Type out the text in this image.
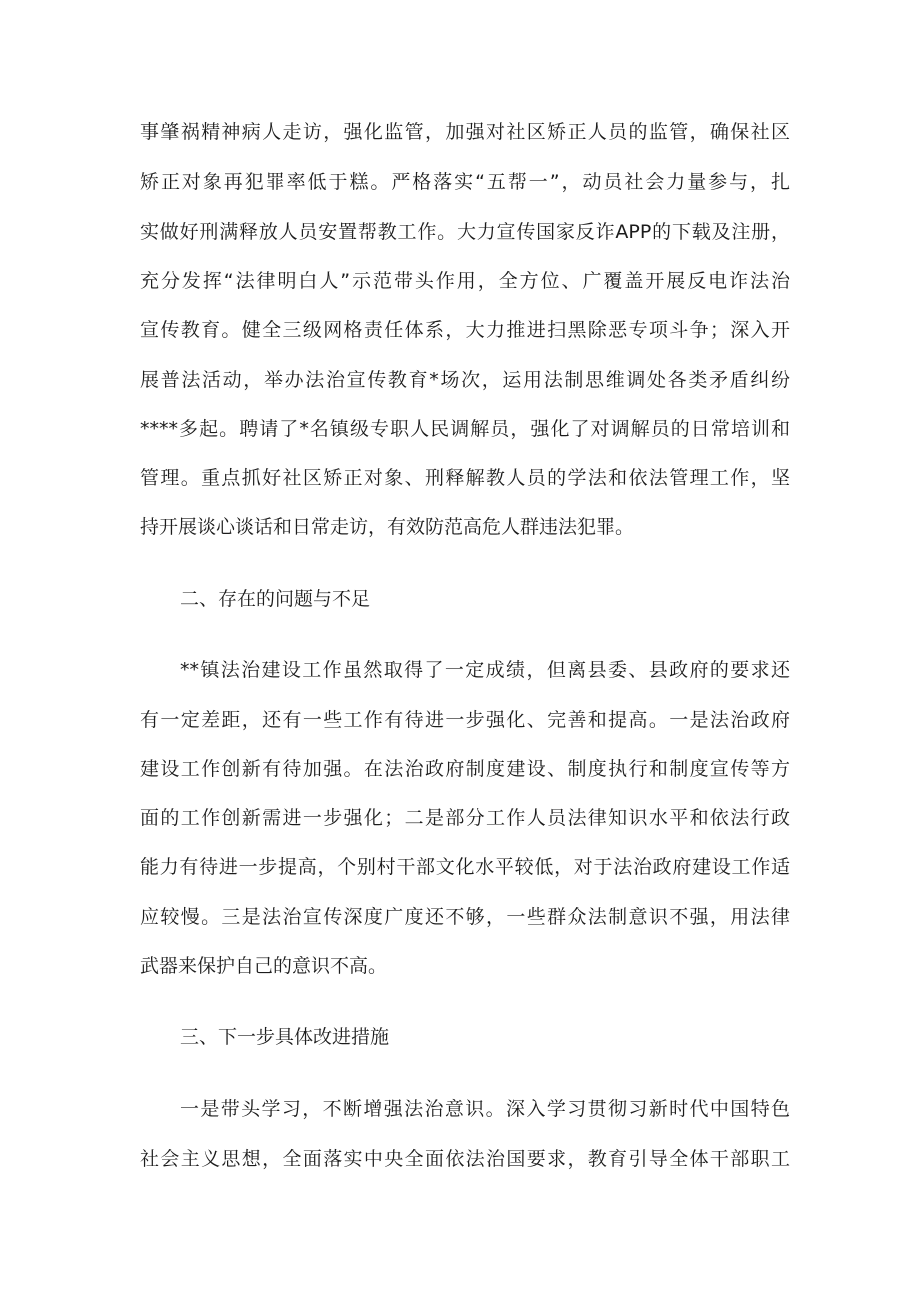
事肇祸精神病人走访，强化监管，加强对社区矫正人员的监管，确保社区
矫正对象再犯罪率低于糕。严格落实“五帮一”，动员社会力量参与，扎
实做好刑满释放人员安置帮教工作。大力宣传国家反诈APP的下载及注册，
充分发挥“法律明白人”示范带头作用，全方位、广覆盖开展反电诈法治
宣传教育。健全三级网格责任体系，大力推进扫黑除恶专项斗争；深入开
展普法活动，举办法治宣传教育*场次，运用法制思维调处各类矛盾纠纷
****多起。聘请了*名镇级专职人民调解员，强化了对调解员的日常培训和
管理。重点抓好社区矫正对象、刑释解教人员的学法和依法管理工作，坚
持开展谈心谈话和日常走访，有效防范高危人群违法犯罪。
二、存在的问题与不足
**镇法治建设工作虽然取得了一定成绩，但离县委、县政府的要求还
有一定差距，还有一些工作有待进一步强化、完善和提高。一是法治政府
建设工作创新有待加强。在法治政府制度建设、制度执行和制度宣传等方
面的工作创新需进一步强化；二是部分工作人员法律知识水平和依法行政
能力有待进一步提高，个别村干部文化水平较低，对于法治政府建设工作适
应较慢。三是法治宣传深度广度还不够，一些群众法制意识不强，用法律
武器来保护自己的意识不高。
三、下一步具体改进措施
一是带头学习，不断增强法治意识。深入学习贯彻习新时代中国特色
社会主义思想，全面落实中央全面依法治国要求，教育引导全体干部职工
